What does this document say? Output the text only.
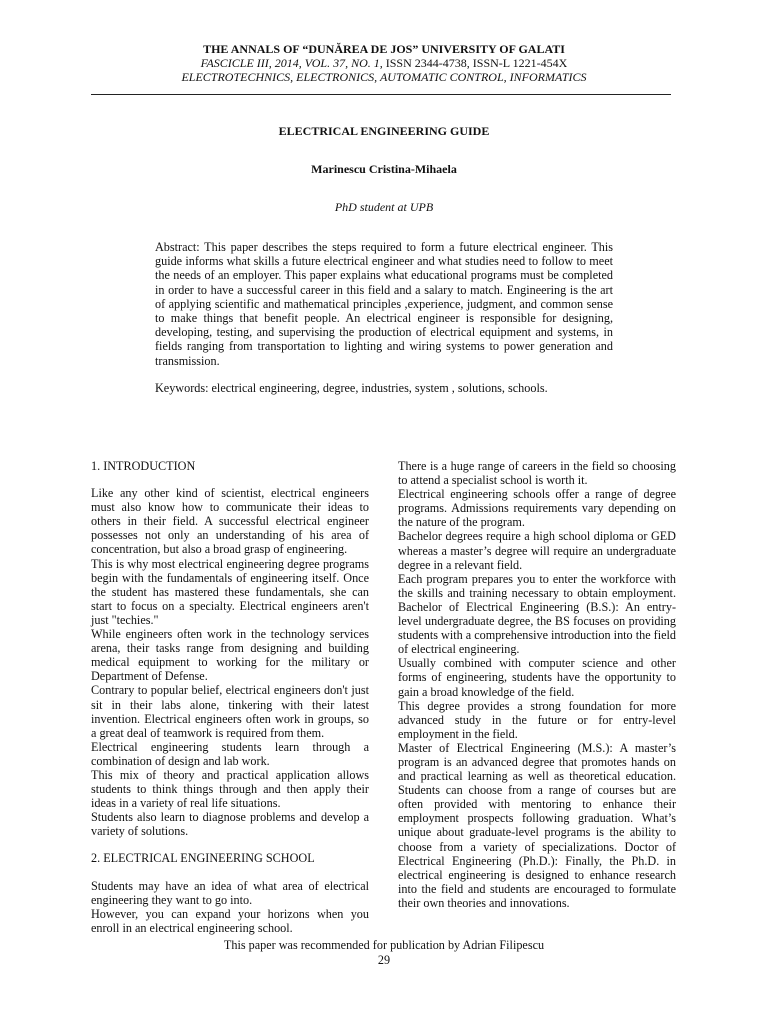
THE ANNALS OF “DUNĂREA DE JOS” UNIVERSITY OF GALATI
FASCICLE III, 2014, VOL. 37, NO. 1, ISSN 2344-4738, ISSN-L 1221-454X
ELECTROTECHNICS, ELECTRONICS, AUTOMATIC CONTROL, INFORMATICS
ELECTRICAL ENGINEERING GUIDE
Marinescu Cristina-Mihaela
PhD student at UPB

Abstract: This paper describes the steps required to form a future electrical engineer. This guide informs what skills a future electrical engineer and what studies need to follow to meet the needs of an employer. This paper explains what educational programs must be completed in order to have a successful career in this field and a salary to match. Engineering is the art of applying scientific and mathematical principles ,experience, judgment, and common sense to make things that benefit people. An electrical engineer is responsible for designing, developing, testing, and supervising the production of electrical equipment and systems, in fields ranging from transportation to lighting and wiring systems to power generation and transmission.

Keywords: electrical engineering, degree, industries, system , solutions, schools.

1. INTRODUCTION

Like any other kind of scientist, electrical engineers must also know how to communicate their ideas to others in their field. A successful electrical engineer possesses not only an understanding of his area of concentration, but also a broad grasp of engineering.

This is why most electrical engineering degree programs begin with the fundamentals of engineering itself. Once the student has mastered these fundamentals, she can start to focus on a specialty. Electrical engineers aren't just "techies."

While engineers often work in the technology services arena, their tasks range from designing and building medical equipment to working for the military or Department of Defense.

Contrary to popular belief, electrical engineers don't just sit in their labs alone, tinkering with their latest invention. Electrical engineers often work in groups, so a great deal of teamwork is required from them.

Electrical engineering students learn through a combination of design and lab work.

This mix of theory and practical application allows students to think things through and then apply their ideas in a variety of real life situations.

Students also learn to diagnose problems and develop a variety of solutions.

2. ELECTRICAL ENGINEERING SCHOOL

Students may have an idea of what area of electrical engineering they want to go into.

However, you can expand your horizons when you enroll in an electrical engineering school.

There is a huge range of careers in the field so choosing to attend a specialist school is worth it.

Electrical engineering schools offer a range of degree programs. Admissions requirements vary depending on the nature of the program.

Bachelor degrees require a high school diploma or GED whereas a master’s degree will require an undergraduate degree in a relevant field.

Each program prepares you to enter the workforce with the skills and training necessary to obtain employment. Bachelor of Electrical Engineering (B.S.): An entry-level undergraduate degree, the BS focuses on providing students with a comprehensive introduction into the field of electrical engineering.

Usually combined with computer science and other forms of engineering, students have the opportunity to gain a broad knowledge of the field.

This degree provides a strong foundation for more advanced study in the future or for entry-level employment in the field.

Master of Electrical Engineering (M.S.): A master’s program is an advanced degree that promotes hands on and practical learning as well as theoretical education. Students can choose from a range of courses but are often provided with mentoring to enhance their employment prospects following graduation. What’s unique about graduate-level programs is the ability to choose from a variety of specializations. Doctor of Electrical Engineering (Ph.D.): Finally, the Ph.D. in electrical engineering is designed to enhance research into the field and students are encouraged to formulate their own theories and innovations.

This paper was recommended for publication by Adrian Filipescu
29
